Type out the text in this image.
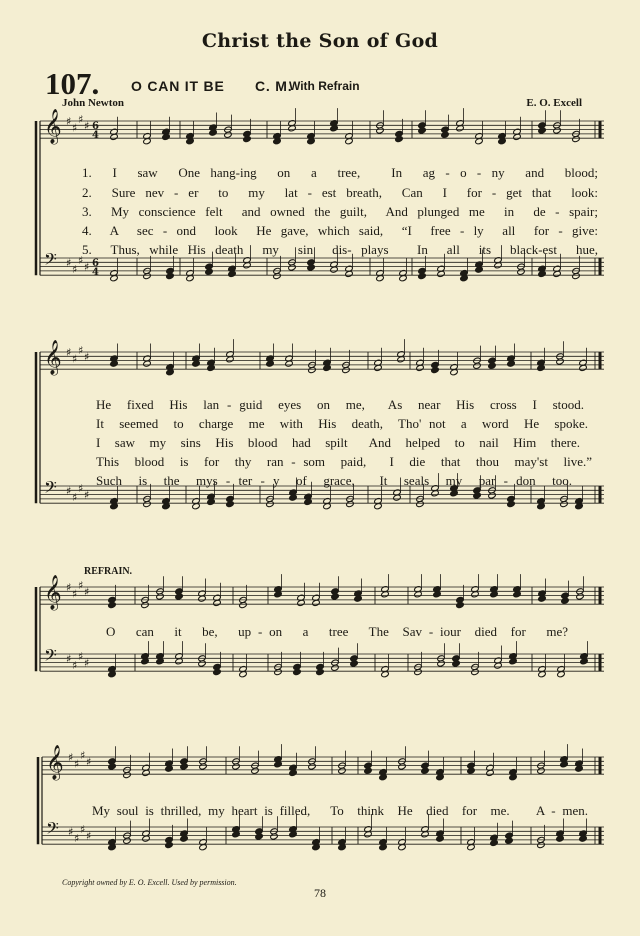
Christ the Son of God
107. O CAN IT BE C. M.
With Refrain
John Newton	E. O. Excell
𝄞 ♯ ♯
♯ ♯
𝄢 ♯ ♯
♯ ♯
6
4
6
4
𝄞 ♯ ♯
♯ ♯
𝄢 ♯ ♯
♯ ♯
𝄞 ♯ ♯
♯ ♯
𝄢 ♯ ♯
♯ ♯
𝄞 ♯ ♯
♯ ♯
𝄢 ♯ ♯
♯ ♯
1.  I  saw  One hang-ing  on  a  tree,   In  ag - o - ny  and  blood;
2.  Sure nev - er  to  my  lat - est breath,  Can  I  for - get that  look:
3.  My conscience felt  and owned the guilt,  And plunged me  in  de - spair;
4.  A  sec - ond  look  He gave, which said,  “I  free - ly  all  for - give:
5.  Thus, while His death  my  sin  dis- plays   In  all  its  black-est  hue,
He  fixed  His  lan - guid  eyes  on  me,   As  near  His  cross  I  stood.
It  seemed  to  charge  me  with  His  death,  Tho' not  a  word  He  spoke.
I  saw  my  sins  His  blood  had  spilt   And  helped  to  nail  Him  there.
This  blood  is  for  thy  ran - som  paid,   I  die  that  thou  may'st  live.”
Such  is  the  mys - ter - y  of  grace,   It  seals  my  par - don  too.
REFRAIN.
O   can   it   be,   up - on   a   tree   The  Sav - iour  died  for   me?
My soul is thrilled, my heart is filled,   To  think  He  died  for  me.    A - men.
Copyright owned by E. O. Excell. Used by permission.
78
